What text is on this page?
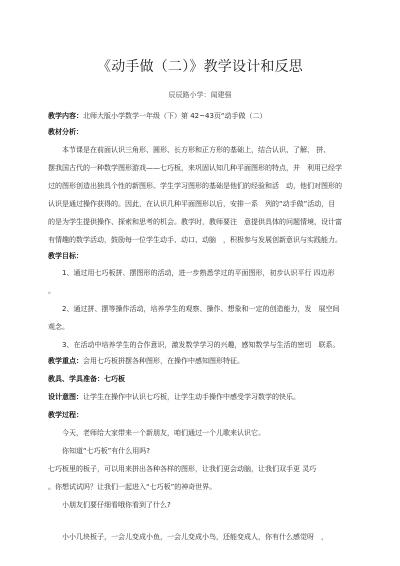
《动手做（二）》教学设计和反思
辰辰路小学：闻建强
教学内容：北师大版小学数学一年级（下）第 42~43页“动手做（二）
教材分析：
本节课是在前面认识三角形、圆形、长方形和正方形的基础上，结合认识、了解、 拼、
摆我国古代的一种数学图形游戏——七巧板，来巩固认知几种平面图形的特点，并　利用已经学
过的图形创造出独具个性的新图形。学生学习图形的基础是他们的经验和活　动，他们对图形的
认识是通过操作获得的。因此，在认识几种平面图形以后，安排一系　列的“动手做”活动，目
的是为学生提供操作、探索和思考的机会。教学时，教师要注　意提供具体的问题情境，设计富
有情趣的数学活动，鼓励每一位学生动手、动口、动脑　，积极参与发展创新意识与实践能力。
教学目标：
1、通过用七巧板拼、摆图形的活动，进一步熟悉学过的平面图形，初步认识平行 四边形
。
2、通过拼、摆等操作活动，培养学生的观察、操作、想象和一定的创造能力，发　展空间
观念。
3、在活动中培养学生的合作意识，激发数学学习的兴趣，感知数学与生活的密切　联系。
教学重点：会用七巧板拼摆各种图形，在操作中感知图形特征。
教具、学具准备：七巧板
设计意图：让学生在操作中认识七巧板，让学生动手操作中感受学习数学的快乐。
教学过程：
今天，老师给大家带来一个新朋友，咱们通过一个儿歌来认识它。
你知道“七巧板”有什么用吗?
七巧板里的板子，可以用来拼出各种各样的图形，让我们更会动脑，让我们双手更 灵巧
。你想试试吗？让我们一起进入“七巧板”的神奇世界。
小朋友们要仔细看哦你看到了什么?
小小几块板子，一会儿变成小鱼，一会儿变成小鸟，还能变成人，你有什么感觉呀　，
